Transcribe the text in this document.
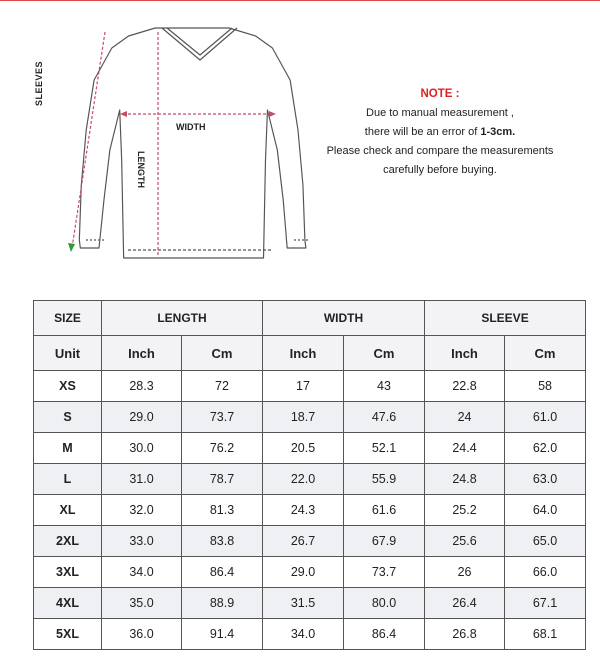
SLEEVES
WIDTH
LENGTH
NOTE :
Due to manual measurement ,
there will be an error of 1-3cm.
Please check and compare the measurements
carefully before buying.
SIZE	LENGTH		WIDTH		SLEEVE	
Unit	Inch	Cm	Inch	Cm	Inch	Cm
XS	28.3	72	17	43	22.8	58
S	29.0	73.7	18.7	47.6	24	61.0
M	30.0	76.2	20.5	52.1	24.4	62.0
L	31.0	78.7	22.0	55.9	24.8	63.0
XL	32.0	81.3	24.3	61.6	25.2	64.0
2XL	33.0	83.8	26.7	67.9	25.6	65.0
3XL	34.0	86.4	29.0	73.7	26	66.0
4XL	35.0	88.9	31.5	80.0	26.4	67.1
5XL	36.0	91.4	34.0	86.4	26.8	68.1
